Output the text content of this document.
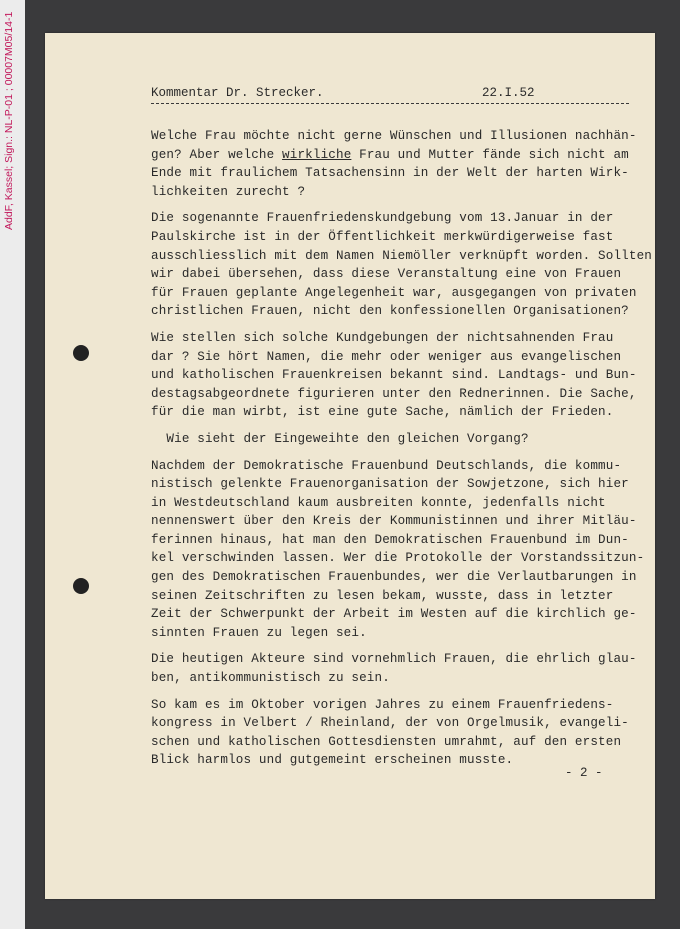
AddF, Kassel; Sign.: NL-P-01 ; 00007M05/14-1	Kommentar Dr. Strecker.	22.I.52
Welche Frau möchte nicht gerne Wünschen und Illusionen nachhän-
gen? Aber welche wirkliche Frau und Mutter fände sich nicht am
Ende mit fraulichem Tatsachensinn in der Welt der harten Wirk-
lichkeiten zurecht ?
Die sogenannte Frauenfriedenskundgebung vom 13.Januar in der
Paulskirche ist in der Öffentlichkeit merkwürdigerweise fast
ausschliesslich mit dem Namen Niemöller verknüpft worden. Sollten
wir dabei übersehen, dass diese Veranstaltung eine von Frauen
für Frauen geplante Angelegenheit war, ausgegangen von privaten
christlichen Frauen, nicht den konfessionellen Organisationen?
Wie stellen sich solche Kundgebungen der nichtsahnenden Frau
dar ? Sie hört Namen, die mehr oder weniger aus evangelischen
und katholischen Frauenkreisen bekannt sind. Landtags- und Bun-
destagsabgeordnete figurieren unter den Rednerinnen. Die Sache,
für die man wirbt, ist eine gute Sache, nämlich der Frieden.
Wie sieht der Eingeweihte den gleichen Vorgang?
Nachdem der Demokratische Frauenbund Deutschlands, die kommu-
nistisch gelenkte Frauenorganisation der Sowjetzone, sich hier
in Westdeutschland kaum ausbreiten konnte, jedenfalls nicht
nennenswert über den Kreis der Kommunistinnen und ihrer Mitläu-
ferinnen hinaus, hat man den Demokratischen Frauenbund im Dun-
kel verschwinden lassen. Wer die Protokolle der Vorstandssitzun-
gen des Demokratischen Frauenbundes, wer die Verlautbarungen in
seinen Zeitschriften zu lesen bekam, wusste, dass in letzter
Zeit der Schwerpunkt der Arbeit im Westen auf die kirchlich ge-
sinnten Frauen zu legen sei.
Die heutigen Akteure sind vornehmlich Frauen, die ehrlich glau-
ben, antikommunistisch zu sein.
So kam es im Oktober vorigen Jahres zu einem Frauenfriedens-
kongress in Velbert / Rheinland, der von Orgelmusik, evangeli-
schen und katholischen Gottesdiensten umrahmt, auf den ersten
Blick harmlos und gutgemeint erscheinen musste.
- 2 -
